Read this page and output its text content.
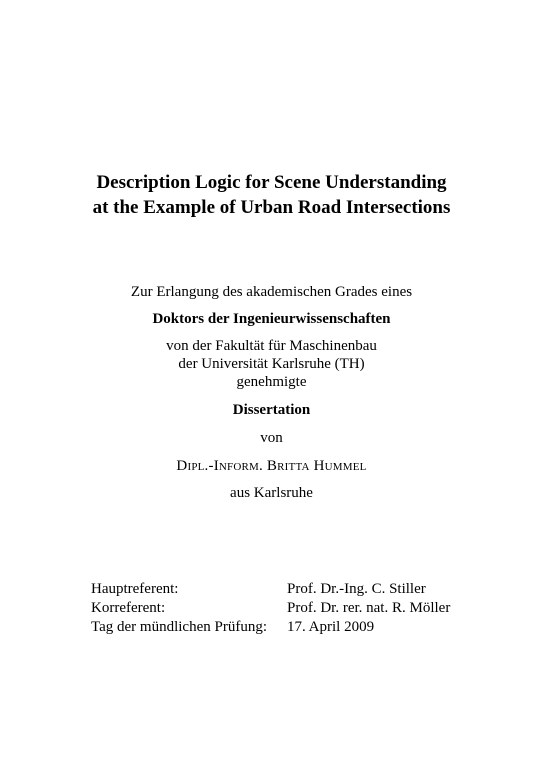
Description Logic for Scene Understanding
at the Example of Urban Road Intersections
Zur Erlangung des akademischen Grades eines
Doktors der Ingenieurwissenschaften
von der Fakultät für Maschinenbau
der Universität Karlsruhe (TH)
genehmigte
Dissertation
von
Dipl.-Inform. Britta Hummel
aus Karlsruhe
Hauptreferent:	Prof. Dr.-Ing. C. Stiller
Korreferent:	Prof. Dr. rer. nat. R. Möller
Tag der mündlichen Prüfung:	17. April 2009
